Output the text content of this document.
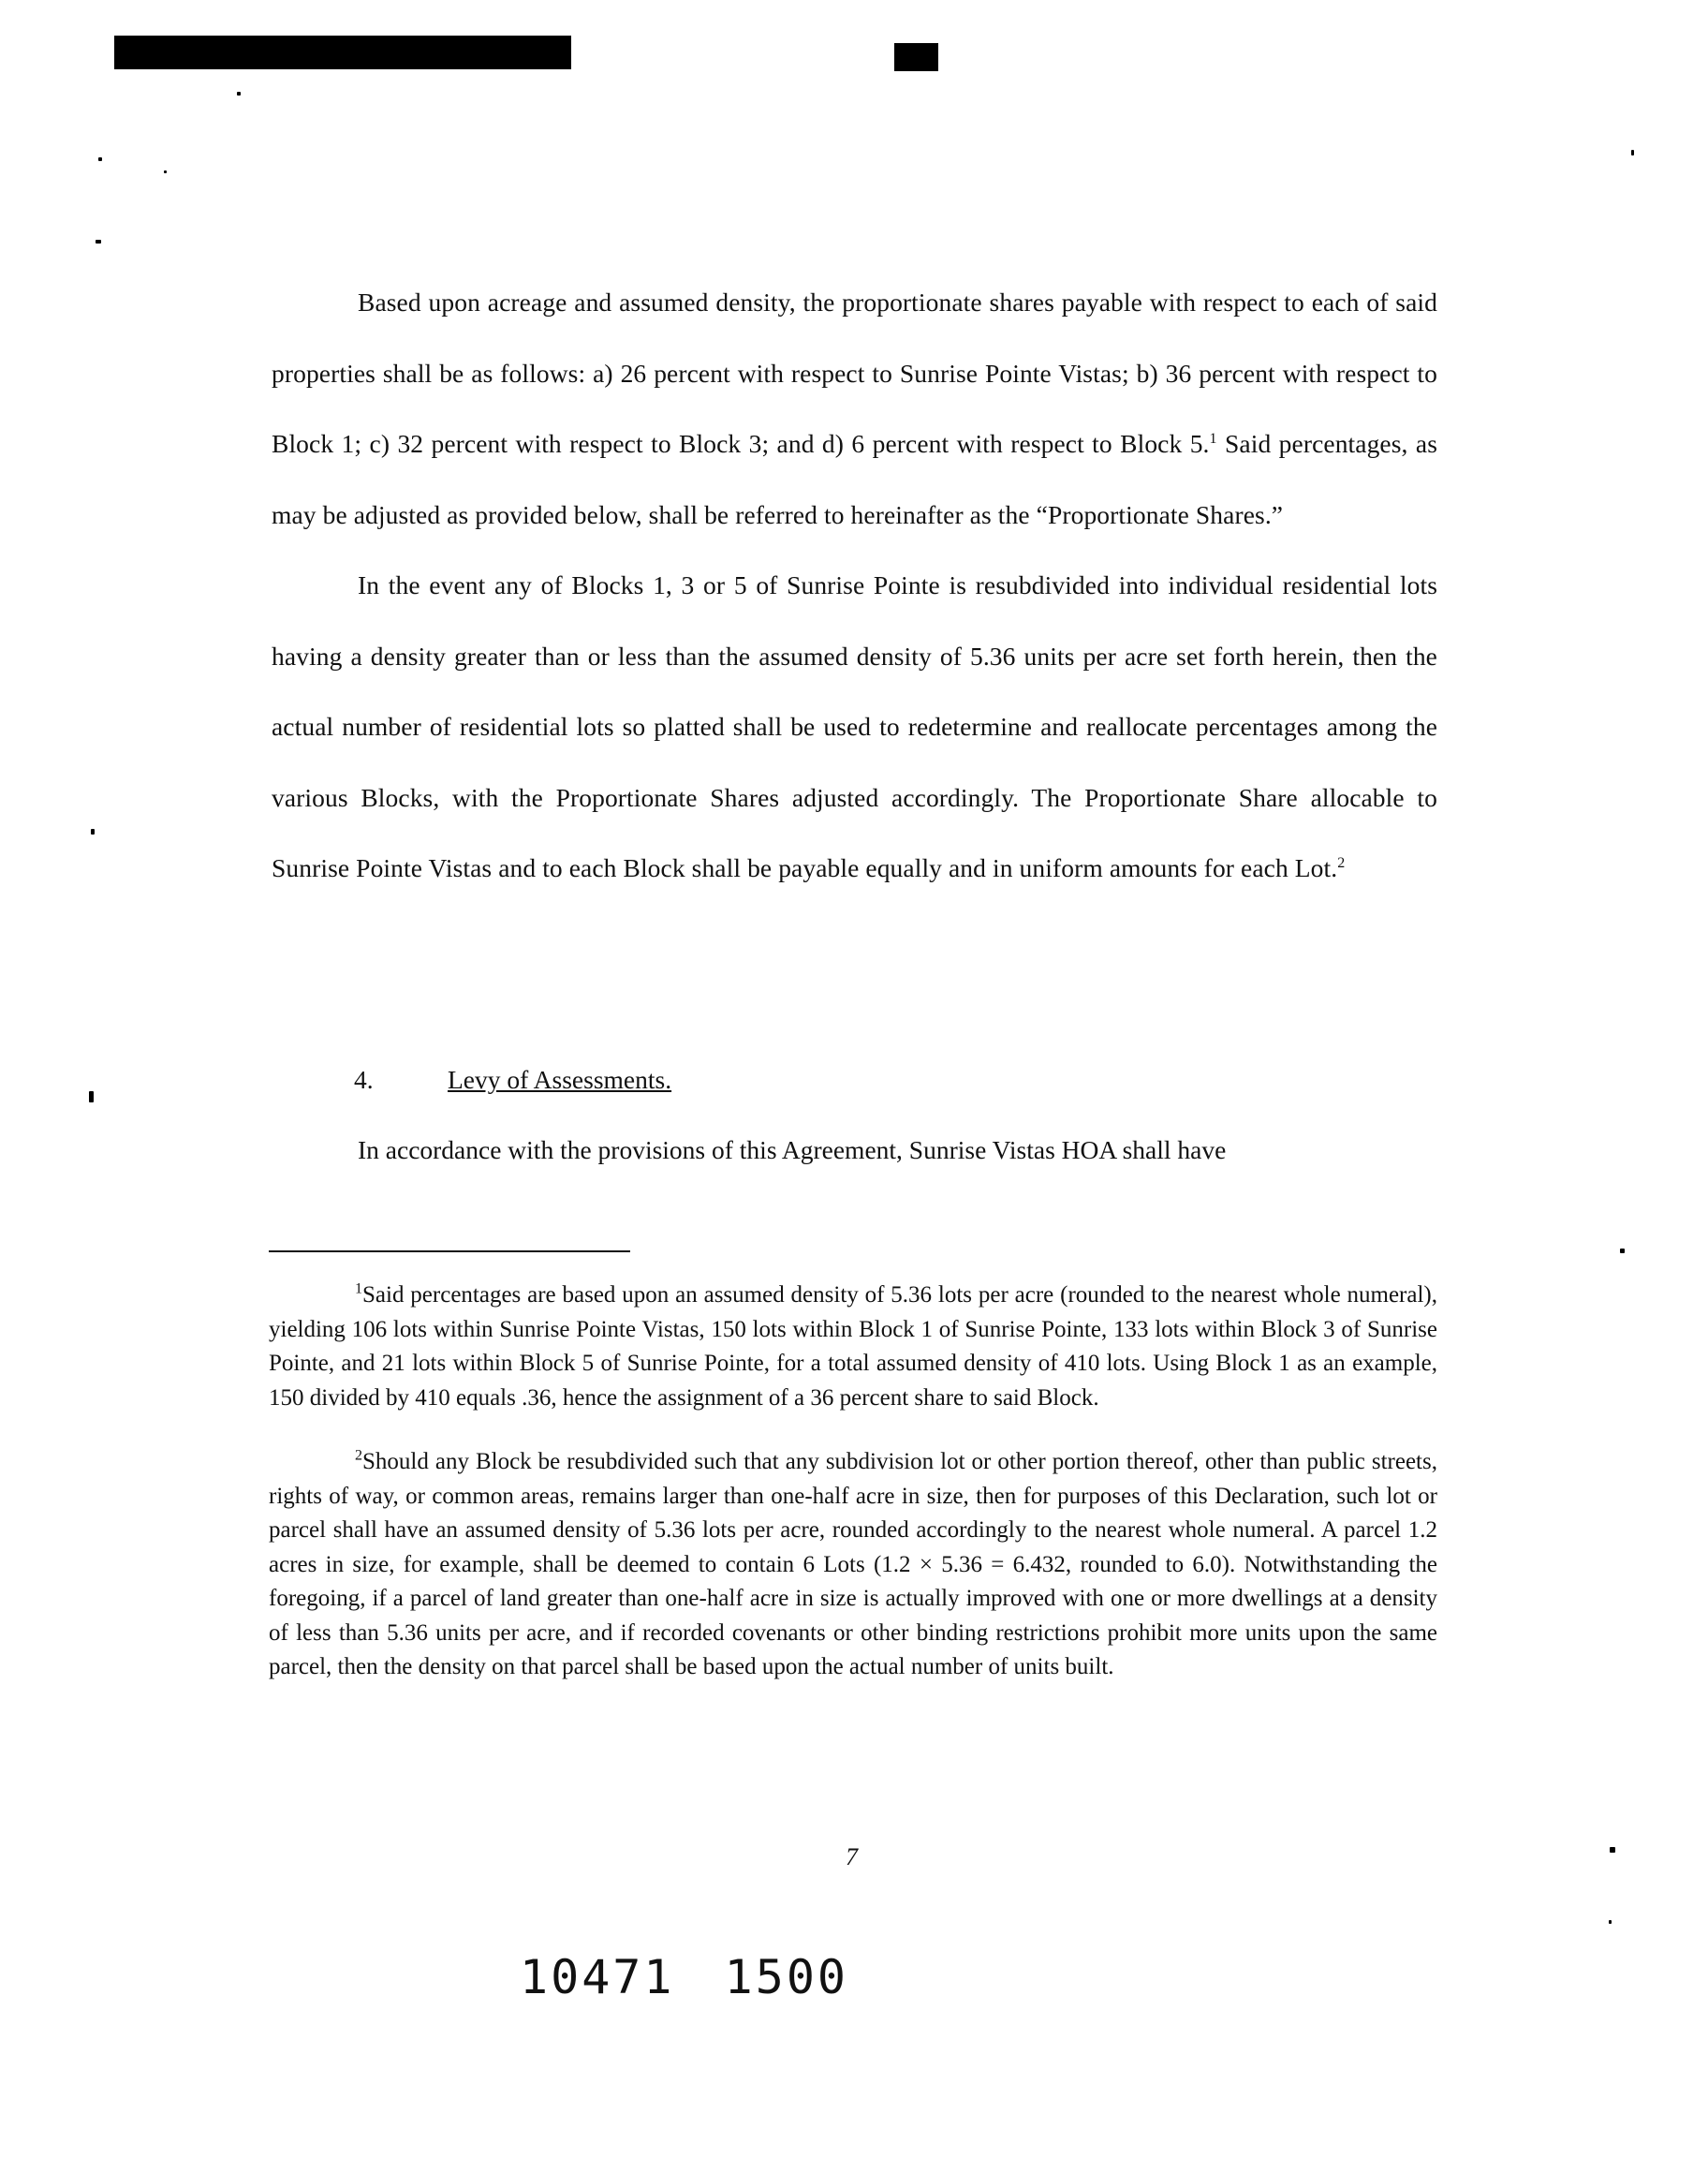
Based upon acreage and assumed density, the proportionate shares payable with respect to each of said properties shall be as follows: a) 26 percent with respect to Sunrise Pointe Vistas; b) 36 percent with respect to Block 1; c) 32 percent with respect to Block 3; and d) 6 percent with respect to Block 5.$^1$ Said percentages, as may be adjusted as provided below, shall be referred to hereinafter as the “Proportionate Shares.”

In the event any of Blocks 1, 3 or 5 of Sunrise Pointe is resubdivided into individual residential lots having a density greater than or less than the assumed density of 5.36 units per acre set forth herein, then the actual number of residential lots so platted shall be used to redetermine and reallocate percentages among the various Blocks, with the Proportionate Shares adjusted accordingly. The Proportionate Share allocable to Sunrise Pointe Vistas and to each Block shall be payable equally and in uniform amounts for each Lot.$^2$

4.	Levy of Assessments.

In accordance with the provisions of this Agreement, Sunrise Vistas HOA shall have

$^1$Said percentages are based upon an assumed density of 5.36 lots per acre (rounded to the nearest whole numeral), yielding 106 lots within Sunrise Pointe Vistas, 150 lots within Block 1 of Sunrise Pointe, 133 lots within Block 3 of Sunrise Pointe, and 21 lots within Block 5 of Sunrise Pointe, for a total assumed density of 410 lots. Using Block 1 as an example, 150 divided by 410 equals .36, hence the assignment of a 36 percent share to said Block.

$^2$Should any Block be resubdivided such that any subdivision lot or other portion thereof, other than public streets, rights of way, or common areas, remains larger than one-half acre in size, then for purposes of this Declaration, such lot or parcel shall have an assumed density of 5.36 lots per acre, rounded accordingly to the nearest whole numeral. A parcel 1.2 acres in size, for example, shall be deemed to contain 6 Lots (1.2 × 5.36 = 6.432, rounded to 6.0). Notwithstanding the foregoing, if a parcel of land greater than one-half acre in size is actually improved with one or more dwellings at a density of less than 5.36 units per acre, and if recorded covenants or other binding restrictions prohibit more units upon the same parcel, then the density on that parcel shall be based upon the actual number of units built.

7
10471 1500
